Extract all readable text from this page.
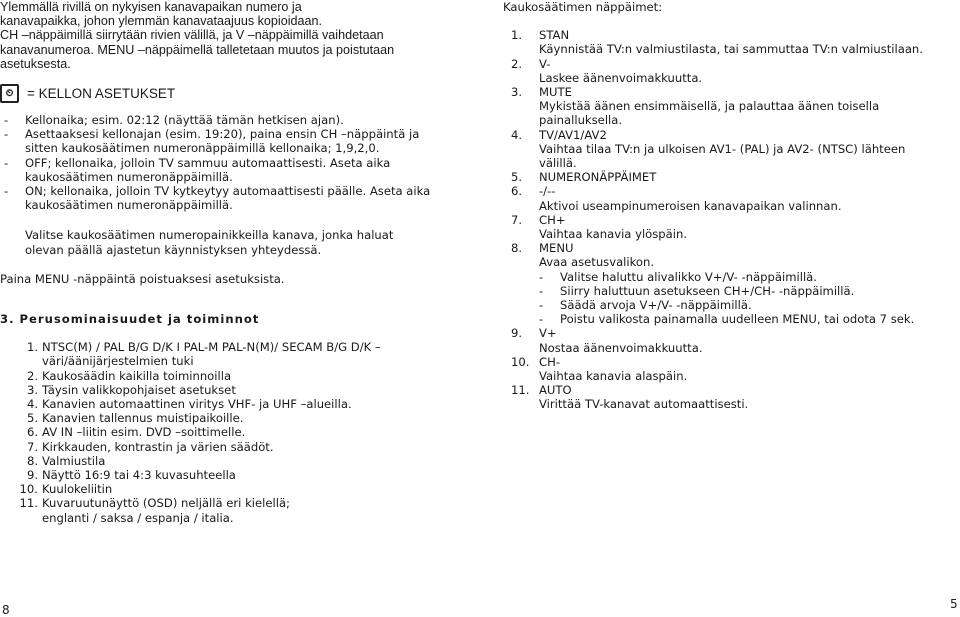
Ylemmällä rivillä on nykyisen kanavapaikan numero ja
kanavapaikka, johon ylemmän kanavataajuus kopioidaan.
CH –näppäimillä siirrytään rivien välillä, ja V –näppäimillä vaihdetaan
kanavanumeroa. MENU –näppäimellä talletetaan muutos ja poistutaan
asetuksesta.
⏲	= KELLON ASETUKSET
- Kellonaika; esim. 02:12 (näyttää tämän hetkisen ajan).
- Asettaaksesi kellonajan (esim. 19:20), paina ensin CH –näppäintä ja
sitten kaukosäätimen numeronäppäimillä kellonaika; 1,9,2,0.
- OFF; kellonaika, jolloin TV sammuu automaattisesti. Aseta aika
kaukosäätimen numeronäppäimillä.
- ON; kellonaika, jolloin TV kytkeytyy automaattisesti päälle. Aseta aika
kaukosäätimen numeronäppäimillä.
Valitse kaukosäätimen numeropainikkeilla kanava, jonka haluat
olevan päällä ajastetun käynnistyksen yhteydessä.
Paina MENU -näppäintä poistuaksesi asetuksista.
3. Perusominaisuudet ja toiminnot
1. NTSC(M) / PAL B/G D/K I PAL-M PAL-N(M)/ SECAM B/G D/K –
väri/äänijärjestelmien tuki
2. Kaukosäädin kaikilla toiminnoilla
3. Täysin valikkopohjaiset asetukset
4. Kanavien automaattinen viritys VHF- ja UHF –alueilla.
5. Kanavien tallennus muistipaikoille.
6. AV IN –liitin esim. DVD –soittimelle.
7. Kirkkauden, kontrastin ja värien säädöt.
8. Valmiustila
9. Näyttö 16:9 tai 4:3 kuvasuhteella
10. Kuulokeliitin
11. Kuvaruutunäyttö (OSD) neljällä eri kielellä;
englanti / saksa / espanja / italia.
Kaukosäätimen näppäimet:
1. STAN
Käynnistää TV:n valmiustilasta, tai sammuttaa TV:n valmiustilaan.
2. V-
Laskee äänenvoimakkuutta.
3. MUTE
Mykistää äänen ensimmäisellä, ja palauttaa äänen toisella
painalluksella.
4. TV/AV1/AV2
Vaihtaa tilaa TV:n ja ulkoisen AV1- (PAL) ja AV2- (NTSC) lähteen
välillä.
5. NUMERONÄPPÄIMET
6. -/--
Aktivoi useampinumeroisen kanavapaikan valinnan.
7. CH+
Vaihtaa kanavia ylöspäin.
8. MENU
Avaa asetusvalikon.
- Valitse haluttu alivalikko V+/V- -näppäimillä.
- Siirry haluttuun asetukseen CH+/CH- -näppäimillä.
- Säädä arvoja V+/V- -näppäimillä.
- Poistu valikosta painamalla uudelleen MENU, tai odota 7 sek.
9. V+
Nostaa äänenvoimakkuutta.
10. CH-
Vaihtaa kanavia alaspäin.
11. AUTO
Virittää TV-kanavat automaattisesti.
8	5
